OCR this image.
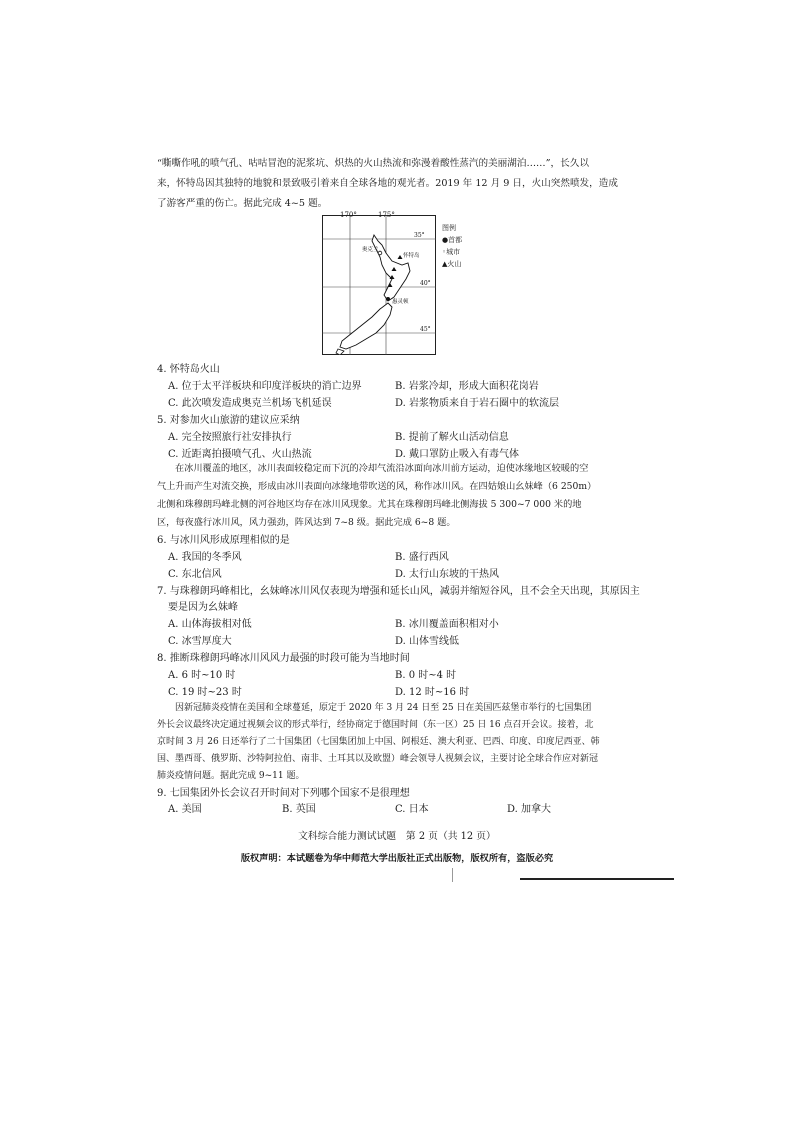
“嘶嘶作吼的喷气孔、咕咕冒泡的泥浆坑、炽热的火山热流和弥漫着酸性蒸汽的美丽湖泊……”，长久以
来，怀特岛因其独特的地貌和景致吸引着来自全球各地的观光者。2019 年 12 月 9 日，火山突然喷发，造成
了游客严重的伤亡。据此完成 4~5 题。
奥克兰
怀特岛
惠灵顿
35°
40°
45°
170°	175°
图例
●首都
◦城市
▲火山
4. 怀特岛火山
A. 位于太平洋板块和印度洋板块的消亡边界	B. 岩浆冷却，形成大面积花岗岩
C. 此次喷发造成奥克兰机场飞机延误	D. 岩浆物质来自于岩石圈中的软流层
5. 对参加火山旅游的建议应采纳
A. 完全按照旅行社安排执行	B. 提前了解火山活动信息
C. 近距离拍摄喷气孔、火山热流	D. 戴口罩防止吸入有毒气体
在冰川覆盖的地区，冰川表面较稳定而下沉的冷却气流沿冰面向冰川前方运动，迫使冰缘地区较暖的空
气上升而产生对流交换，形成由冰川表面向冰缘地带吹送的风，称作冰川风。在四姑娘山幺妹峰（6 250m）
北侧和珠穆朗玛峰北侧的河谷地区均存在冰川风现象。尤其在珠穆朗玛峰北侧海拔 5 300~7 000 米的地
区，每夜盛行冰川风，风力强劲，阵风达到 7~8 级。据此完成 6~8 题。
6. 与冰川风形成原理相似的是
A. 我国的冬季风	B. 盛行西风
C. 东北信风	D. 太行山东坡的干热风
7. 与珠穆朗玛峰相比，幺妹峰冰川风仅表现为增强和延长山风，减弱并缩短谷风，且不会全天出现，其原因主
要是因为幺妹峰
A. 山体海拔相对低	B. 冰川覆盖面积相对小
C. 冰雪厚度大	D. 山体雪线低
8. 推断珠穆朗玛峰冰川风风力最强的时段可能为当地时间
A. 6 时~10 时	B. 0 时~4 时
C. 19 时~23 时	D. 12 时~16 时
因新冠肺炎疫情在美国和全球蔓延，原定于 2020 年 3 月 24 日至 25 日在美国匹兹堡市举行的七国集团
外长会议最终决定通过视频会议的形式举行，经协商定于德国时间（东一区）25 日 16 点召开会议。接着，北
京时间 3 月 26 日还举行了二十国集团（七国集团加上中国、阿根廷、澳大利亚、巴西、印度、印度尼西亚、韩
国、墨西哥、俄罗斯、沙特阿拉伯、南非、土耳其以及欧盟）峰会领导人视频会议，主要讨论全球合作应对新冠
肺炎疫情问题。据此完成 9~11 题。
9. 七国集团外长会议召开时间对下列哪个国家不是很理想
A. 美国	B. 英国	C. 日本	D. 加拿大
文科综合能力测试试题　第 2 页（共 12 页）
版权声明：本试题卷为华中师范大学出版社正式出版物，版权所有，盗版必究
